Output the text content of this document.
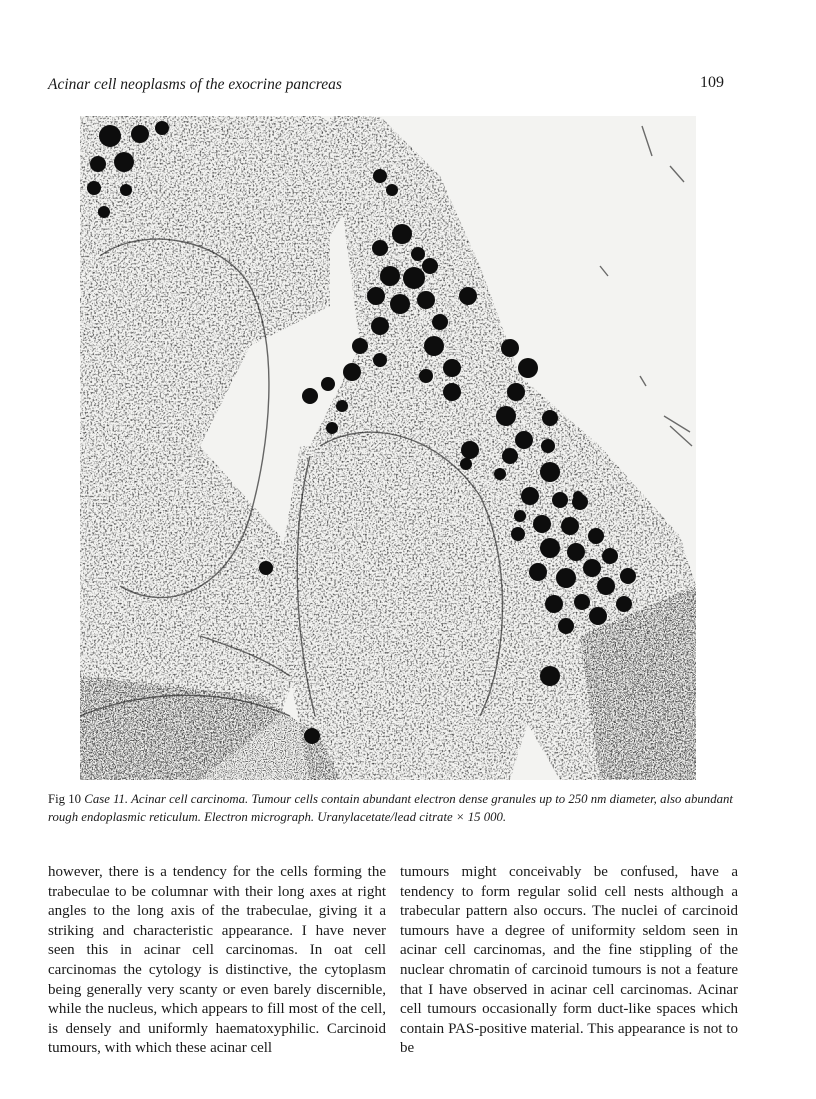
Acinar cell neoplasms of the exocrine pancreas	109
Fig 10 Case 11. Acinar cell carcinoma. Tumour cells contain abundant electron dense granules up to 250 nm diameter, also abundant rough endoplasmic reticulum. Electron micrograph. Uranylacetate/lead citrate × 15 000.

however, there is a tendency for the cells forming the trabeculae to be columnar with their long axes at right angles to the long axis of the trabeculae, giving it a striking and characteristic appearance. I have never seen this in acinar cell carcinomas. In oat cell carcinomas the cytology is distinctive, the cytoplasm being generally very scanty or even barely discernible, while the nucleus, which appears to fill most of the cell, is densely and uniformly haematoxyphilic. Carcinoid tumours, with which these acinar cell

tumours might conceivably be confused, have a tendency to form regular solid cell nests although a trabecular pattern also occurs. The nuclei of carcinoid tumours have a degree of uniformity seldom seen in acinar cell carcinomas, and the fine stippling of the nuclear chromatin of carcinoid tumours is not a feature that I have observed in acinar cell carcinomas. Acinar cell tumours occasionally form duct-like spaces which contain PAS-positive material. This appearance is not to be
